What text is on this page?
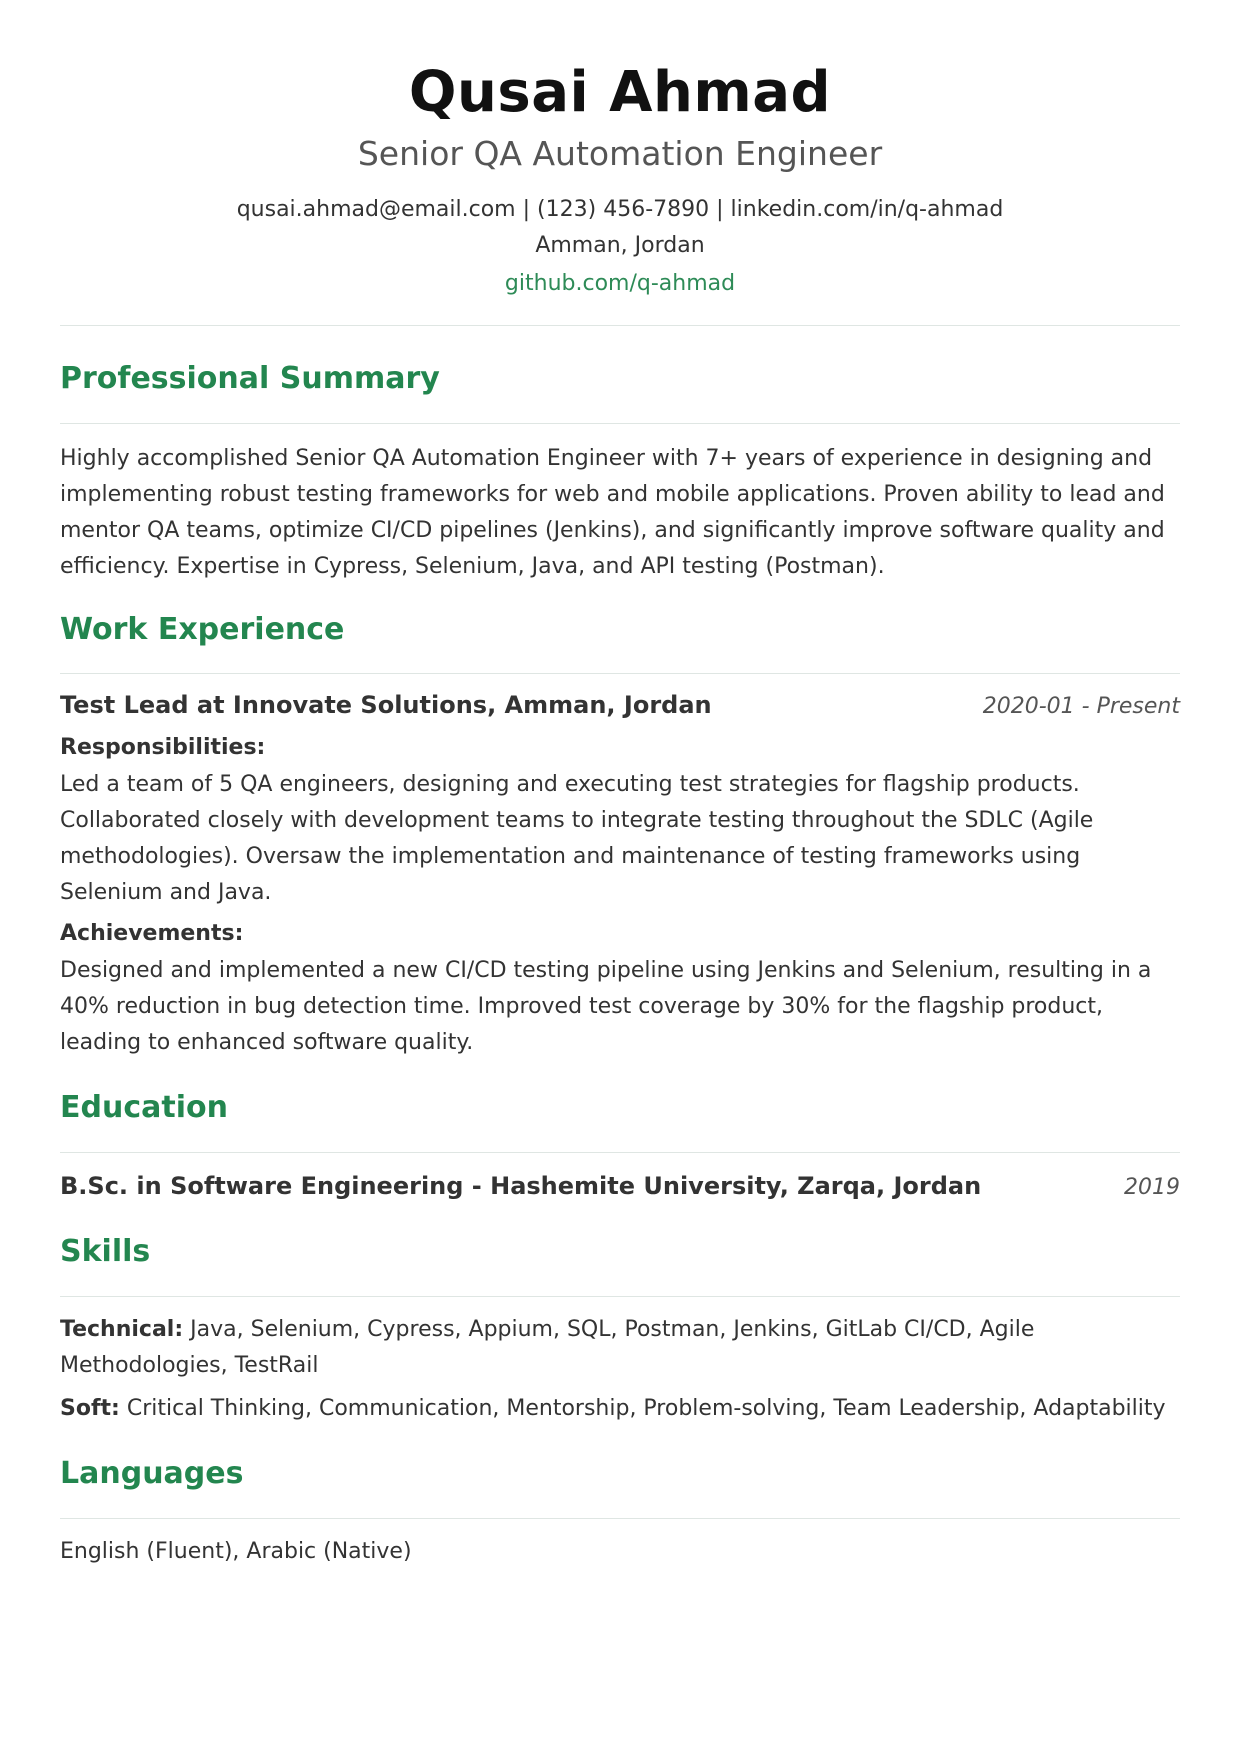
Qusai Ahmad
Senior QA Automation Engineer
qusai.ahmad@email.com | (123) 456-7890 | linkedin.com/in/q-ahmad
Amman, Jordan
github.com/q-ahmad
Professional Summary

Highly accomplished Senior QA Automation Engineer with 7+ years of experience in designing and implementing robust testing frameworks for web and mobile applications. Proven ability to lead and mentor QA teams, optimize CI/CD pipelines (Jenkins), and significantly improve software quality and efficiency. Expertise in Cypress, Selenium, Java, and API testing (Postman).

Work Experience
Test Lead at Innovate Solutions, Amman, Jordan	2020-01 - Present
Responsibilities:

Led a team of 5 QA engineers, designing and executing test strategies for flagship products. Collaborated closely with development teams to integrate testing throughout the SDLC (Agile methodologies). Oversaw the implementation and maintenance of testing frameworks using Selenium and Java.

Achievements:

Designed and implemented a new CI/CD testing pipeline using Jenkins and Selenium, resulting in a 40% reduction in bug detection time. Improved test coverage by 30% for the flagship product, leading to enhanced software quality.

Education
B.Sc. in Software Engineering - Hashemite University, Zarqa, Jordan	2019
Skills

Technical: Java, Selenium, Cypress, Appium, SQL, Postman, Jenkins, GitLab CI/CD, Agile Methodologies, TestRail

Soft: Critical Thinking, Communication, Mentorship, Problem-solving, Team Leadership, Adaptability

Languages

English (Fluent), Arabic (Native)
